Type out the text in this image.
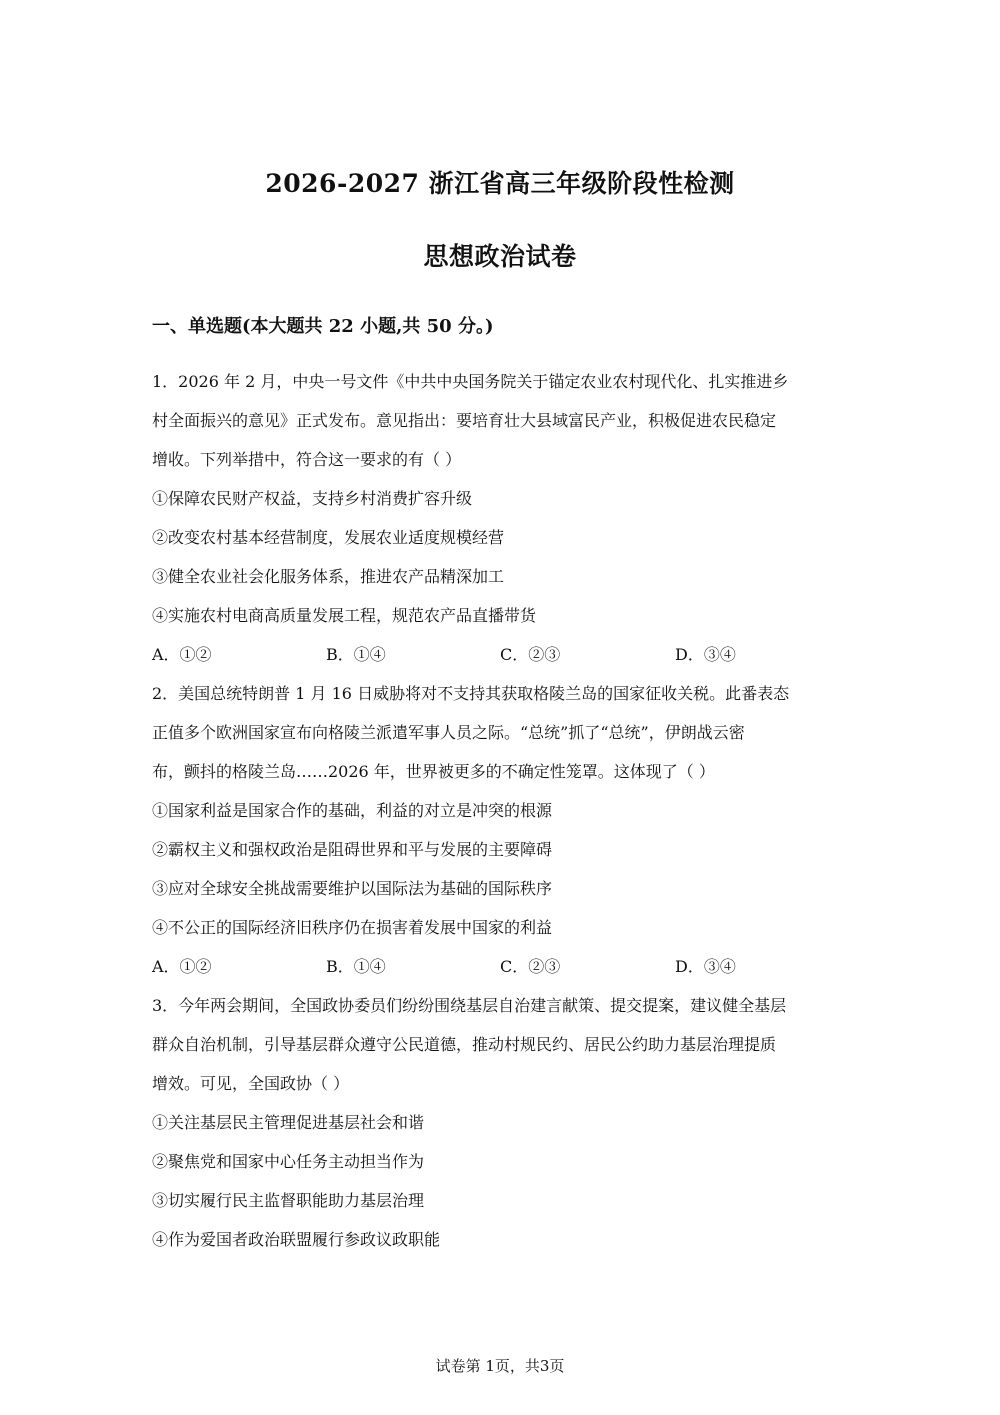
2026-2027 浙江省高三年级阶段性检测
思想政治试卷
一、单选题(本大题共 22 小题,共 50 分。)
1．2026 年 2 月，中央一号文件《中共中央国务院关于锚定农业农村现代化、扎实推进乡
村全面振兴的意见》正式发布。意见指出：要培育壮大县域富民产业，积极促进农民稳定
增收。下列举措中，符合这一要求的有（ ）
①保障农民财产权益，支持乡村消费扩容升级
②改变农村基本经营制度，发展农业适度规模经营
③健全农业社会化服务体系，推进农产品精深加工
④实施农村电商高质量发展工程，规范农产品直播带货
A．①②	B．①④	C．②③	D．③④
2．美国总统特朗普 1 月 16 日威胁将对不支持其获取格陵兰岛的国家征收关税。此番表态
正值多个欧洲国家宣布向格陵兰派遣军事人员之际。“总统”抓了“总统”，伊朗战云密
布，颤抖的格陵兰岛……2026 年，世界被更多的不确定性笼罩。这体现了（ ）
①国家利益是国家合作的基础，利益的对立是冲突的根源
②霸权主义和强权政治是阻碍世界和平与发展的主要障碍
③应对全球安全挑战需要维护以国际法为基础的国际秩序
④不公正的国际经济旧秩序仍在损害着发展中国家的利益
A．①②	B．①④	C．②③	D．③④
3．今年两会期间，全国政协委员们纷纷围绕基层自治建言献策、提交提案，建议健全基层
群众自治机制，引导基层群众遵守公民道德，推动村规民约、居民公约助力基层治理提质
增效。可见，全国政协（ ）
①关注基层民主管理促进基层社会和谐
②聚焦党和国家中心任务主动担当作为
③切实履行民主监督职能助力基层治理
④作为爱国者政治联盟履行参政议政职能
试卷第 1页，共3页
